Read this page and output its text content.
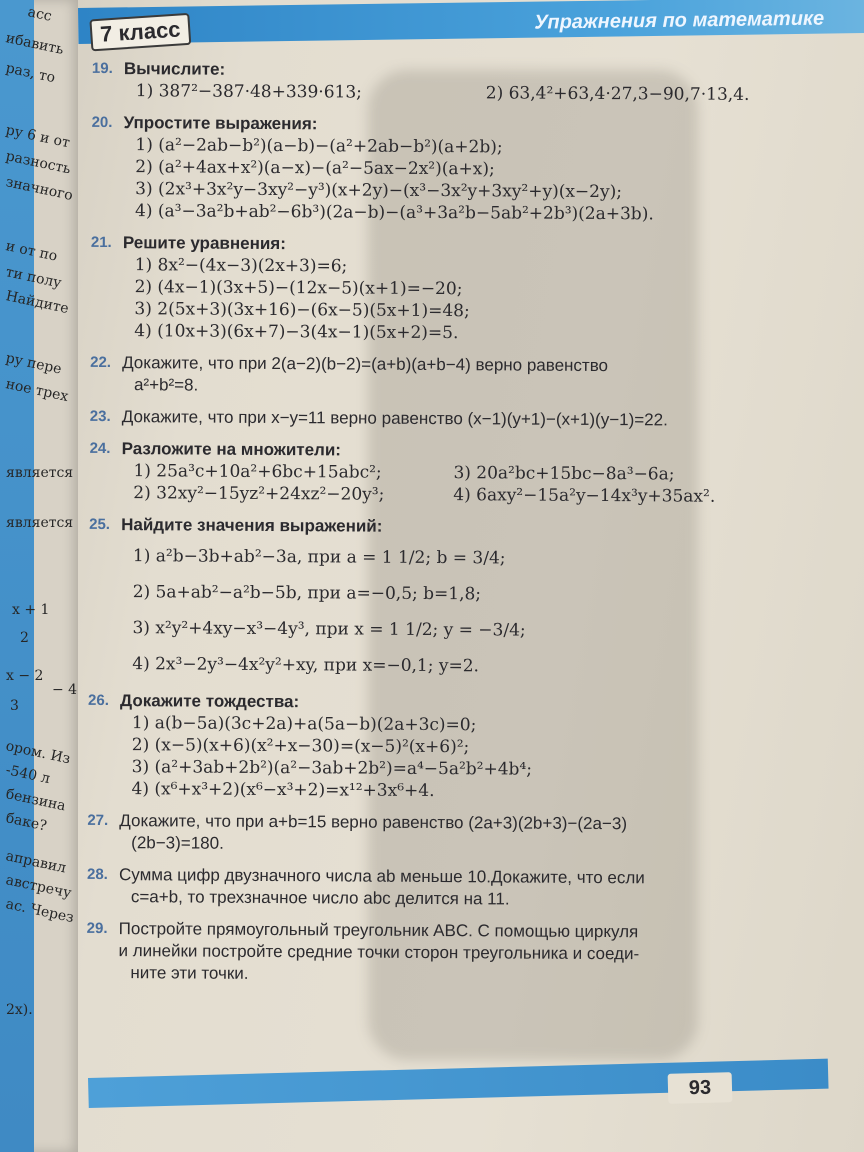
асс
ибавить
раз, то
ру 6 и от
разность
значного
и от по
ти полу
Найдите
ру пере
ное треx
является
является
x + 1
2
x − 2
3
− 4
ором. Из
-540 л
бензина
баке?
аправил
австречу
ас. Через
2x).
7 класс	Упражнения по математике
19. Вычислите:
1) 387²−387·48+339·613;	2) 63,4²+63,4·27,3−90,7·13,4.
20. Упростите выражения:
1) (a²−2ab−b²)(a−b)−(a²+2ab−b²)(a+2b);
2) (a²+4ax+x²)(a−x)−(a²−5ax−2x²)(a+x);
3) (2x³+3x²y−3xy²−y³)(x+2y)−(x³−3x²y+3xy²+y)(x−2y);
4) (a³−3a²b+ab²−6b³)(2a−b)−(a³+3a²b−5ab²+2b³)(2a+3b).
21. Решите уравнения:
1) 8x²−(4x−3)(2x+3)=6;
2) (4x−1)(3x+5)−(12x−5)(x+1)=−20;
3) 2(5x+3)(3x+16)−(6x−5)(5x+1)=48;
4) (10x+3)(6x+7)−3(4x−1)(5x+2)=5.
22. Докажите, что при 2(a−2)(b−2)=(a+b)(a+b−4) верно равенство
a²+b²=8.
23. Докажите, что при x−y=11 верно равенство (x−1)(y+1)−(x+1)(y−1)=22.
24. Разложите на множители:
1) 25a³c+10a²+6bc+15abc²;	3) 20a²bc+15bc−8a³−6a;
2) 32xy²−15yz²+24xz²−20y³;	4) 6axy²−15a²y−14x³y+35ax².
25. Найдите значения выражений:
1) a²b−3b+ab²−3a, при a = 1 1/2; b = 3/4;
2) 5a+ab²−a²b−5b, при a=−0,5; b=1,8;
3) x²y²+4xy−x³−4y³, при x = 1 1/2; y = −3/4;
4) 2x³−2y³−4x²y²+xy, при x=−0,1; y=2.
26. Докажите тождества:
1) a(b−5a)(3c+2a)+a(5a−b)(2a+3c)=0;
2) (x−5)(x+6)(x²+x−30)=(x−5)²(x+6)²;
3) (a²+3ab+2b²)(a²−3ab+2b²)=a⁴−5a²b²+4b⁴;
4) (x⁶+x³+2)(x⁶−x³+2)=x¹²+3x⁶+4.
27. Докажите, что при a+b=15 верно равенство (2a+3)(2b+3)−(2a−3)
(2b−3)=180.
28. Сумма цифр двузначного числа ab меньше 10.Докажите, что если
c=a+b, то трехзначное число abc делится на 11.
29. Постройте прямоугольный треугольник ABC. С помощью циркуля
и линейки постройте средние точки сторон треугольника и соеди-
ните эти точки.
93
